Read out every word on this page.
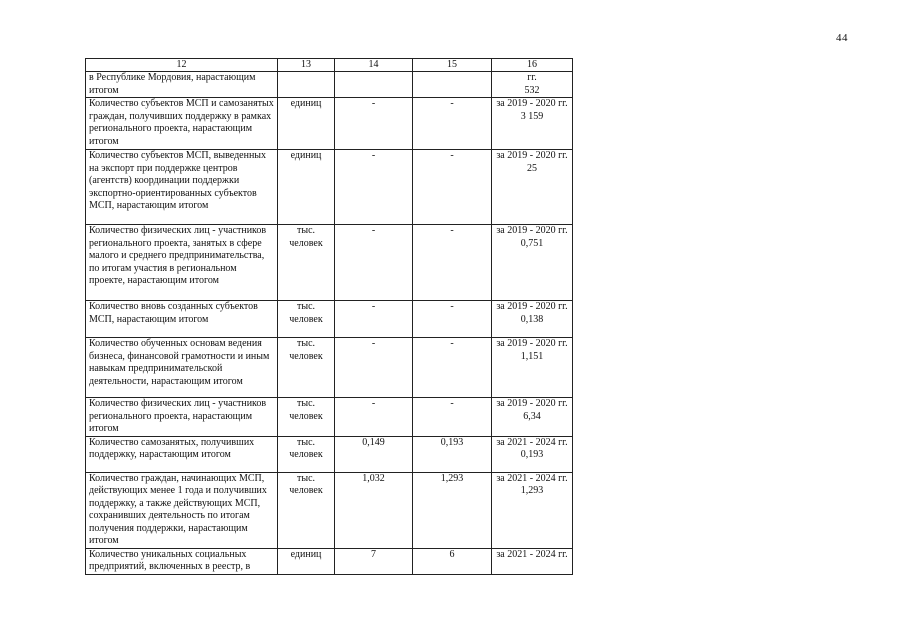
44
12	13	14	15	16
в Республике Мордовия, нарастающим итогом				гг.
532

Количество субъектов МСП и самозанятых граждан, получивших поддержку в рамках регионального проекта, нарастающим итогом	единиц	-	-	за 2019 - 2020 гг.
3 159

Количество субъектов МСП, выведенных на экспорт при поддержке центров (агентств) координации поддержки экспортно-ориентированных субъектов МСП, нарастающим итогом	единиц	-	-	за 2019 - 2020 гг.
25

Количество физических лиц - участников регионального проекта, занятых в сфере малого и среднего предпринимательства, по итогам участия в региональном проекте, нарастающим итогом	тыс. человек	-	-	за 2019 - 2020 гг.
0,751

Количество вновь созданных субъектов МСП, нарастающим итогом	тыс. человек	-	-	за 2019 - 2020 гг.
0,138

Количество обученных основам ведения бизнеса, финансовой грамотности и иным навыкам предпринимательской деятельности, нарастающим итогом	тыс. человек	-	-	за 2019 - 2020 гг.
1,151

Количество физических лиц - участников регионального проекта, нарастающим итогом	тыс. человек	-	-	за 2019 - 2020 гг.
6,34

Количество самозанятых, получивших поддержку, нарастающим итогом	тыс. человек	0,149	0,193	за 2021 - 2024 гг.
0,193

Количество граждан, начинающих МСП, действующих менее 1 года и получивших поддержку, а также действующих МСП, сохранивших деятельность по итогам получения поддержки, нарастающим итогом	тыс. человек	1,032	1,293	за 2021 - 2024 гг.
1,293

Количество уникальных социальных предприятий, включенных в реестр, в	единиц	7	6	за 2021 - 2024 гг.
